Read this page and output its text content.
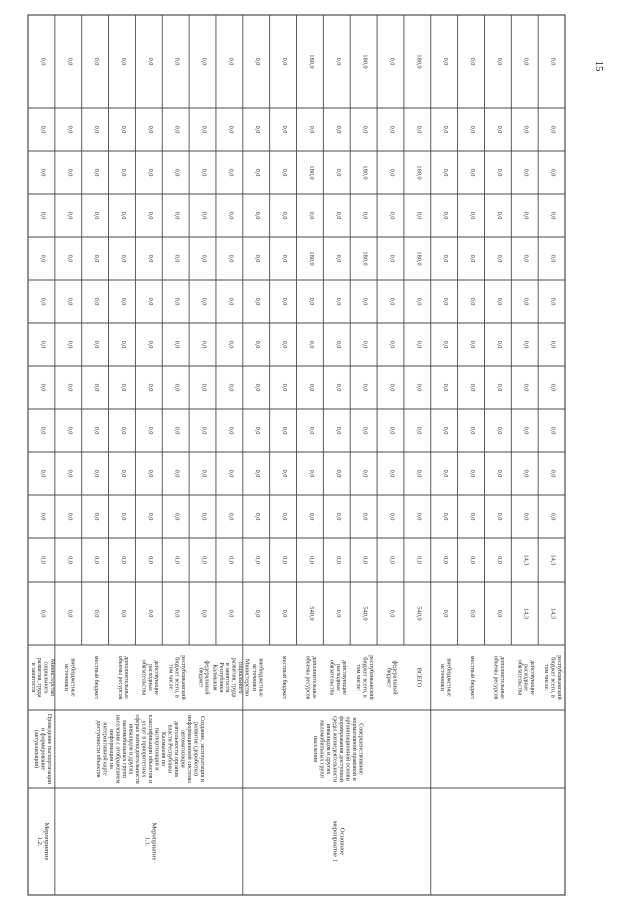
15
Основноемероприятие 1
Совершенствованиенормативной правовой иорганизационной основыформирования доступнойсреды жизнедеятельностиинвалидов и другихмаломобильных группнаселения
Мероприятие1.1.
Создание, эксплуатация иразвитие (доработка)информационной системыавтоматизациидеятельности органоввласти РеспубликиКалмыкия попаспортизации иклассификации объектов иуслуг в приоритетныхсферах жизнедеятельностиинвалидов и другихмаломобильных группнаселения с отображениеминформации наинтерактивной картедоступности объектов
Мероприятие1.2.
Проведение паспортизациии формирование(актуализация)
республиканскийбюджет всего, втом числе:
14,3
14,3
0,0
0,0
0,0
0,0
0,0
0,0
0,0
0,0
0,0
0,0
0,0
действующиерасходныеобязательства
14,3
14,3
0,0
0,0
0,0
0,0
0,0
0,0
0,0
0,0
0,0
0,0
0,0
дополнительныеобъемы ресурсов
0,0
0,0
0,0
0,0
0,0
0,0
0,0
0,0
0,0
0,0
0,0
0,0
0,0
местный бюджет
0,0
0,0
0,0
0,0
0,0
0,0
0,0
0,0
0,0
0,0
0,0
0,0
0,0
внебюджетныеисточники
0,0
0,0
0,0
0,0
0,0
0,0
0,0
0,0
0,0
0,0
0,0
0,0
0,0
ВСЕГО
540,0
0,0
0,0
0,0
0,0
0,0
0,0
0,0
180,0
0,0
180,0
0,0
180,0
федеральныйбюджет
0,0
0,0
0,0
0,0
0,0
0,0
0,0
0,0
0,0
0,0
0,0
0,0
0,0
республиканскийбюджет всего, втом числе:
540,0
0,0
0,0
0,0
0,0
0,0
0,0
0,0
180,0
0,0
180,0
0,0
180,0
действующиерасходныеобязательства
0,0
0,0
0,0
0,0
0,0
0,0
0,0
0,0
0,0
0,0
0,0
0,0
0,0
дополнительныеобъемы ресурсов
540,0
0,0
0,0
0,0
0,0
0,0
0,0
0,0
180,0
0,0
180,0
0,0
180,0
местный бюджет
0,0
0,0
0,0
0,0
0,0
0,0
0,0
0,0
0,0
0,0
0,0
0,0
0,0
внебюджетныеисточники
0,0
0,0
0,0
0,0
0,0
0,0
0,0
0,0
0,0
0,0
0,0
0,0
0,0
Министерствосоциальногоразвития, трудаи занятостиРеспубликиКалмыкия
0,0
0,0
0,0
0,0
0,0
0,0
0,0
0,0
0,0
0,0
0,0
0,0
0,0
федеральныйбюджет
0,0
0,0
0,0
0,0
0,0
0,0
0,0
0,0
0,0
0,0
0,0
0,0
0,0
республиканскийбюджет всего, втом числе:
0,0
0,0
0,0
0,0
0,0
0,0
0,0
0,0
0,0
0,0
0,0
0,0
0,0
действующиерасходныеобязательства
0,0
0,0
0,0
0,0
0,0
0,0
0,0
0,0
0,0
0,0
0,0
0,0
0,0
дополнительныеобъемы ресурсов
0,0
0,0
0,0
0,0
0,0
0,0
0,0
0,0
0,0
0,0
0,0
0,0
0,0
местный бюджет
0,0
0,0
0,0
0,0
0,0
0,0
0,0
0,0
0,0
0,0
0,0
0,0
0,0
внебюджетныеисточники
0,0
0,0
0,0
0,0
0,0
0,0
0,0
0,0
0,0
0,0
0,0
0,0
0,0
Министерствосоциальногоразвития, трудаи занятости
0,0
0,0
0,0
0,0
0,0
0,0
0,0
0,0
0,0
0,0
0,0
0,0
0,0
